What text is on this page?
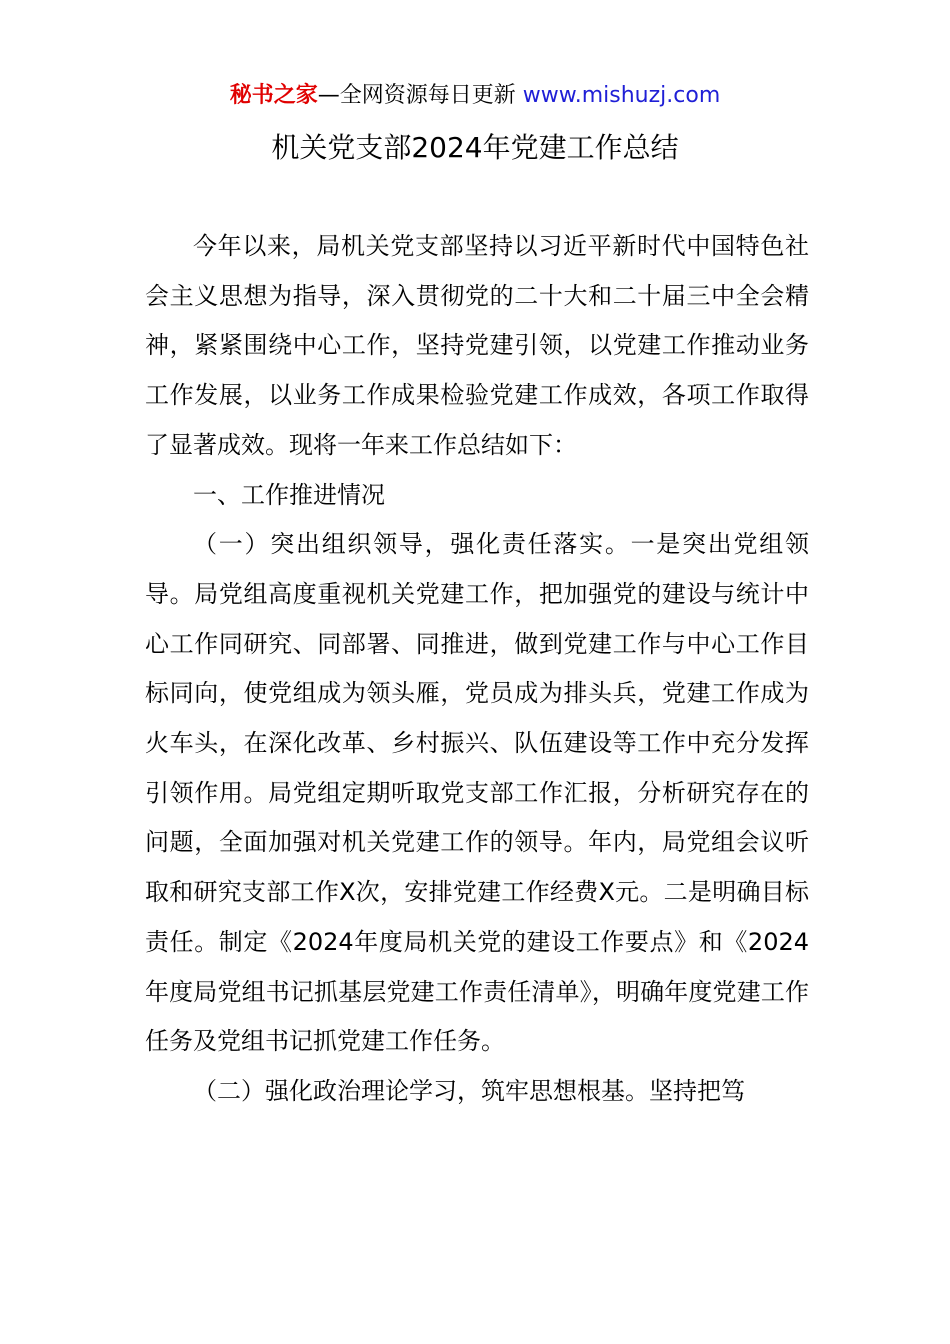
秘书之家—全网资源每日更新 www.mishuzj.com
机关党支部2024年党建工作总结

今年以来，局机关党支部坚持以习近平新时代中国特色社会主义思想为指导，深入贯彻党的二十大和二十届三中全会精神，紧紧围绕中心工作，坚持党建引领，以党建工作推动业务工作发展，以业务工作成果检验党建工作成效，各项工作取得了显著成效。现将一年来工作总结如下：

一、工作推进情况

（一）突出组织领导，强化责任落实。一是突出党组领导。局党组高度重视机关党建工作，把加强党的建设与统计中心工作同研究、同部署、同推进，做到党建工作与中心工作目标同向，使党组成为领头雁，党员成为排头兵，党建工作成为火车头，在深化改革、乡村振兴、队伍建设等工作中充分发挥引领作用。局党组定期听取党支部工作汇报，分析研究存在的问题，全面加强对机关党建工作的领导。年内，局党组会议听取和研究支部工作X次，安排党建工作经费X元。二是明确目标责任。制定《2024年度局机关党的建设工作要点》和《2024年度局党组书记抓基层党建工作责任清单》，明确年度党建工作任务及党组书记抓党建工作任务。

（二）强化政治理论学习，筑牢思想根基。坚持把笃
